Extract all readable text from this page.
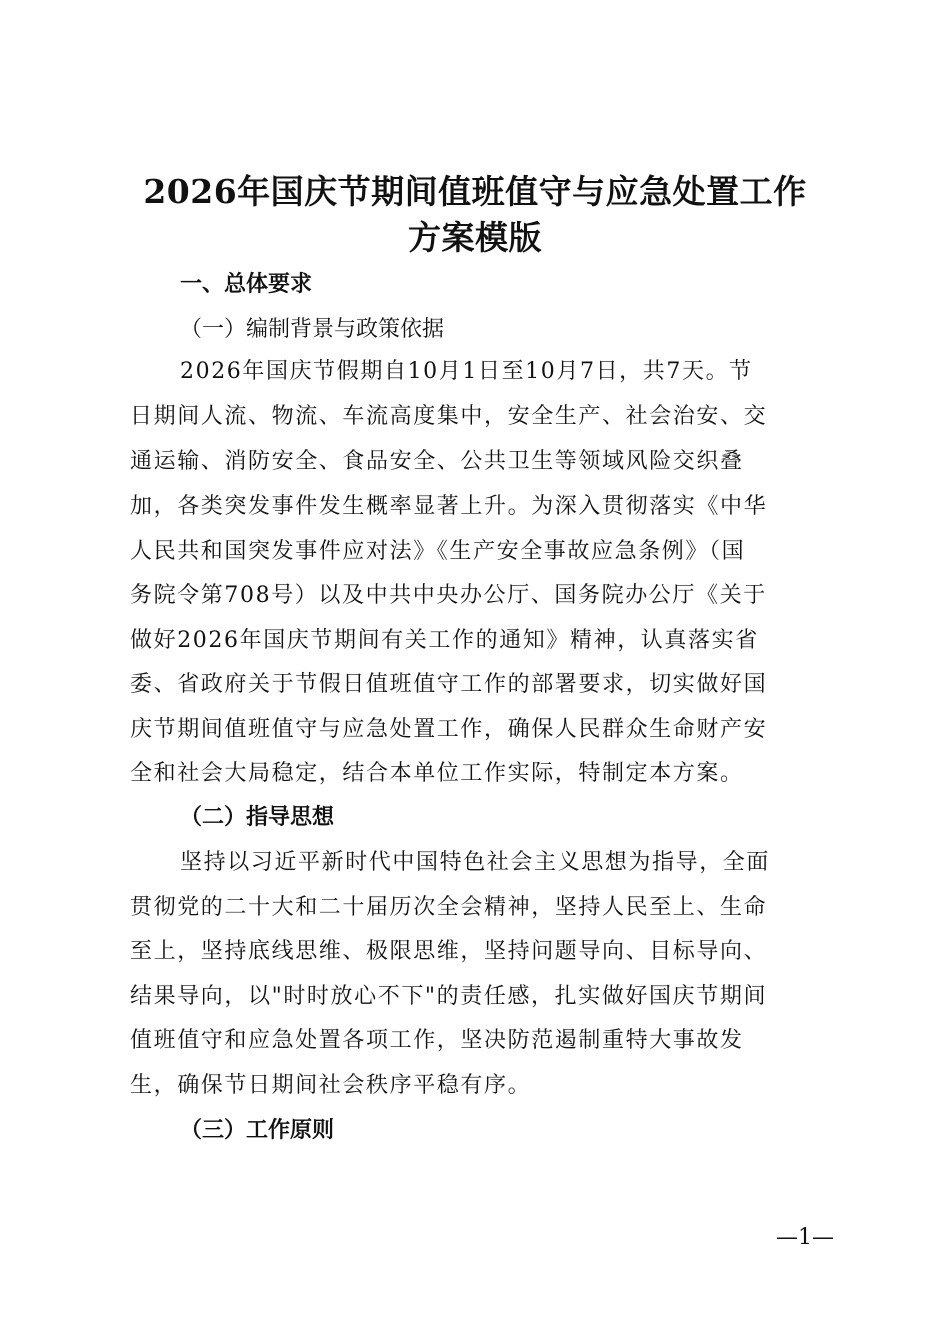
2026年国庆节期间值班值守与应急处置工作
方案模版
一、总体要求
（一）编制背景与政策依据
2026年国庆节假期自10月1日至10月7日，共7天。节
日期间人流、物流、车流高度集中，安全生产、社会治安、交
通运输、消防安全、食品安全、公共卫生等领域风险交织叠
加，各类突发事件发生概率显著上升。为深入贯彻落实《中华
人民共和国突发事件应对法》《生产安全事故应急条例》（国
务院令第708号）以及中共中央办公厅、国务院办公厅《关于
做好2026年国庆节期间有关工作的通知》精神，认真落实省
委、省政府关于节假日值班值守工作的部署要求，切实做好国
庆节期间值班值守与应急处置工作，确保人民群众生命财产安
全和社会大局稳定，结合本单位工作实际，特制定本方案。
（二）指导思想
坚持以习近平新时代中国特色社会主义思想为指导，全面
贯彻党的二十大和二十届历次全会精神，坚持人民至上、生命
至上，坚持底线思维、极限思维，坚持问题导向、目标导向、
结果导向，以"时时放心不下"的责任感，扎实做好国庆节期间
值班值守和应急处置各项工作，坚决防范遏制重特大事故发
生，确保节日期间社会秩序平稳有序。
（三）工作原则
—1—
